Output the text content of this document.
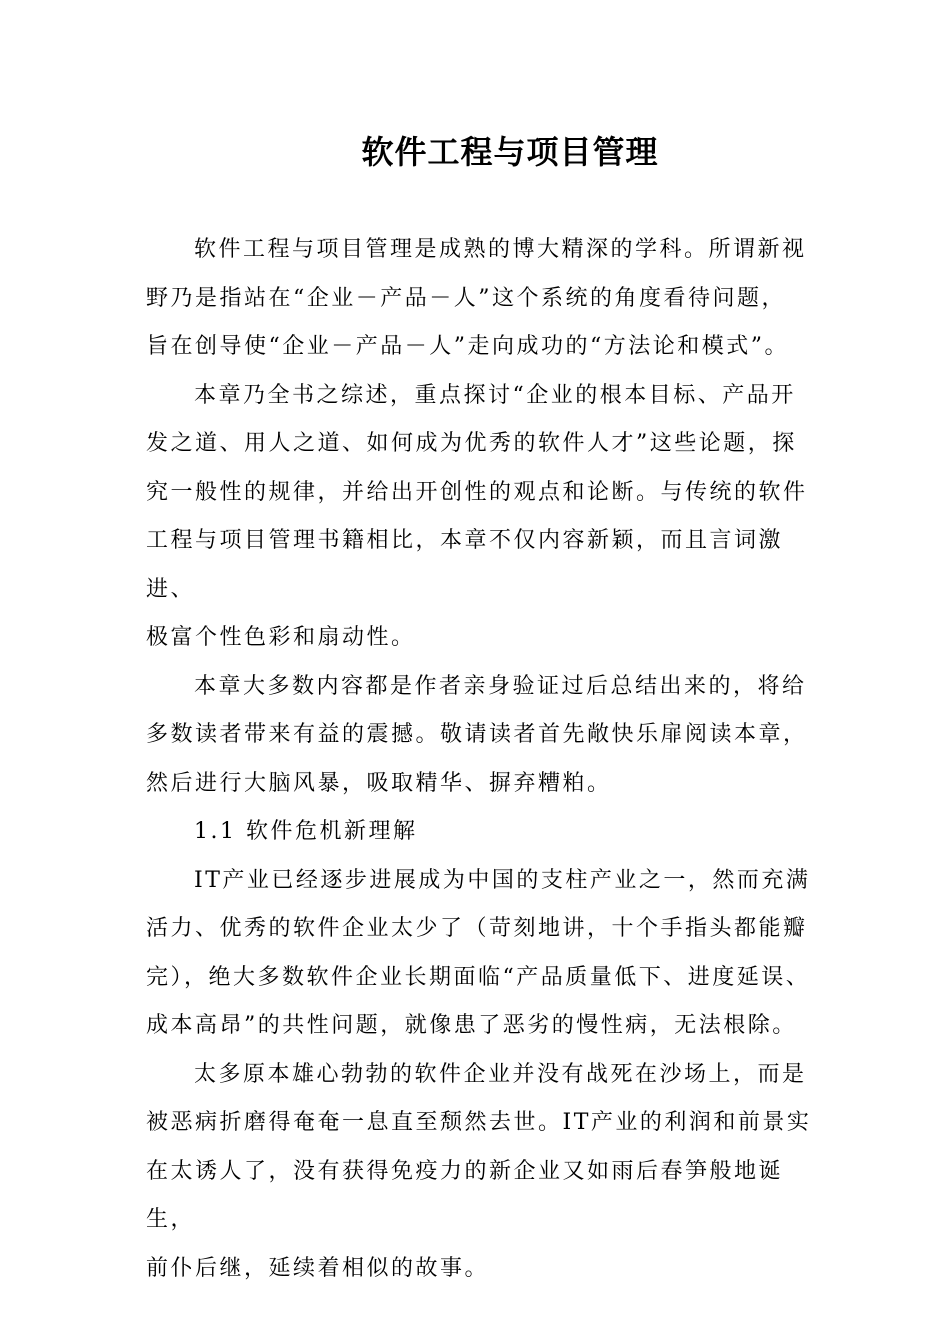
软件工程与项目管理

软件工程与项目管理是成熟的博大精深的学科。所谓新视

野乃是指站在“企业－产品－人”这个系统的角度看待问题，

旨在创导使“企业－产品－人”走向成功的“方法论和模式”。

本章乃全书之综述，重点探讨“企业的根本目标、产品开

发之道、用人之道、如何成为优秀的软件人才”这些论题，探

究一般性的规律，并给出开创性的观点和论断。与传统的软件

工程与项目管理书籍相比，本章不仅内容新颖，而且言词激进、

极富个性色彩和扇动性。

本章大多数内容都是作者亲身验证过后总结出来的，将给

多数读者带来有益的震撼。敬请读者首先敞快乐扉阅读本章，

然后进行大脑风暴，吸取精华、摒弃糟粕。

1.1 软件危机新理解

IT产业已经逐步进展成为中国的支柱产业之一，然而充满

活力、优秀的软件企业太少了（苛刻地讲，十个手指头都能瓣

完），绝大多数软件企业长期面临“产品质量低下、进度延误、

成本高昂”的共性问题，就像患了恶劣的慢性病，无法根除。

太多原本雄心勃勃的软件企业并没有战死在沙场上，而是

被恶病折磨得奄奄一息直至颓然去世。IT产业的利润和前景实

在太诱人了，没有获得免疫力的新企业又如雨后春笋般地诞生，

前仆后继，延续着相似的故事。
